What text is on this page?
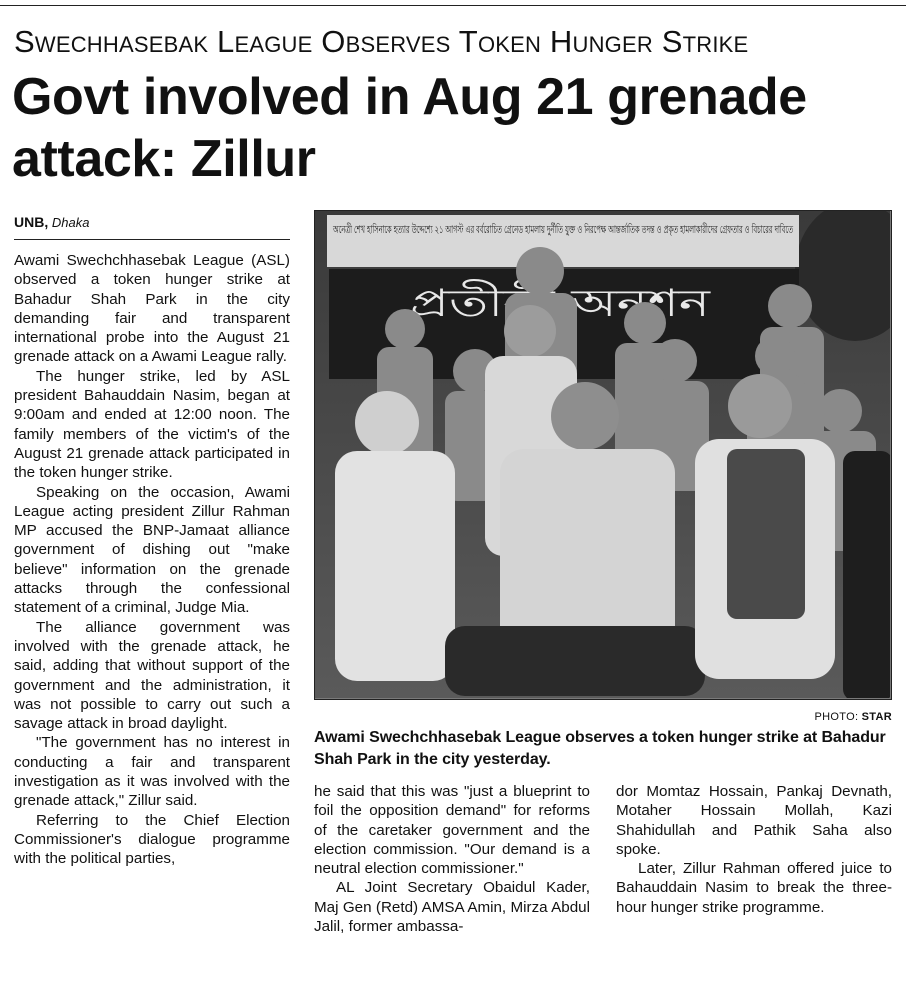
Swechhasebak League Observes Token Hunger Strike
Govt involved in Aug 21 grenade attack: Zillur
UNB, Dhaka

Awami Swechchhasebak League (ASL) observed a token hunger strike at Bahadur Shah Park in the city demanding fair and transparent international probe into the August 21 grenade attack on a Awami League rally.

The hunger strike, led by ASL president Bahauddain Nasim, began at 9:00am and ended at 12:00 noon. The family members of the victim's of the August 21 grenade attack participated in the token hunger strike.

Speaking on the occasion, Awami League acting president Zillur Rahman MP accused the BNP-Jamaat alliance government of dishing out "make believe" information on the grenade attacks through the confessional statement of a criminal, Judge Mia.

The alliance government was involved with the grenade attack, he said, adding that without support of the government and the administration, it was not possible to carry out such a savage attack in broad daylight.

"The government has no interest in conducting a fair and transparent investigation as it was involved with the grenade attack," Zillur said.

Referring to the Chief Election Commissioner's dialogue programme with the political parties,

অনেত্রী শেখ হাসিনাকে হত্যার উদ্দেশ্যে ২১ আগস্ট এর বর্বরোচিত গ্রেনেড হামলায় দুর্নীতি যুক্ত ও নিরপেক্ষ আন্তর্জাতিক তদন্ত ও প্রকৃত হামলাকারীদের গ্রেফতার ও বিচারের দাবিতে
PHOTO: STAR
Awami Swechchhasebak League observes a token hunger strike at Bahadur Shah Park in the city yesterday.

he said that this was "just a blueprint to foil the opposition demand" for reforms of the caretaker government and the election commission. "Our demand is a neutral election commissioner."

AL Joint Secretary Obaidul Kader, Maj Gen (Retd) AMSA Amin, Mirza Abdul Jalil, former ambassa-

dor Momtaz Hossain, Pankaj Devnath, Motaher Hossain Mollah, Kazi Shahidullah and Pathik Saha also spoke.

Later, Zillur Rahman offered juice to Bahauddain Nasim to break the three-hour hunger strike programme.
